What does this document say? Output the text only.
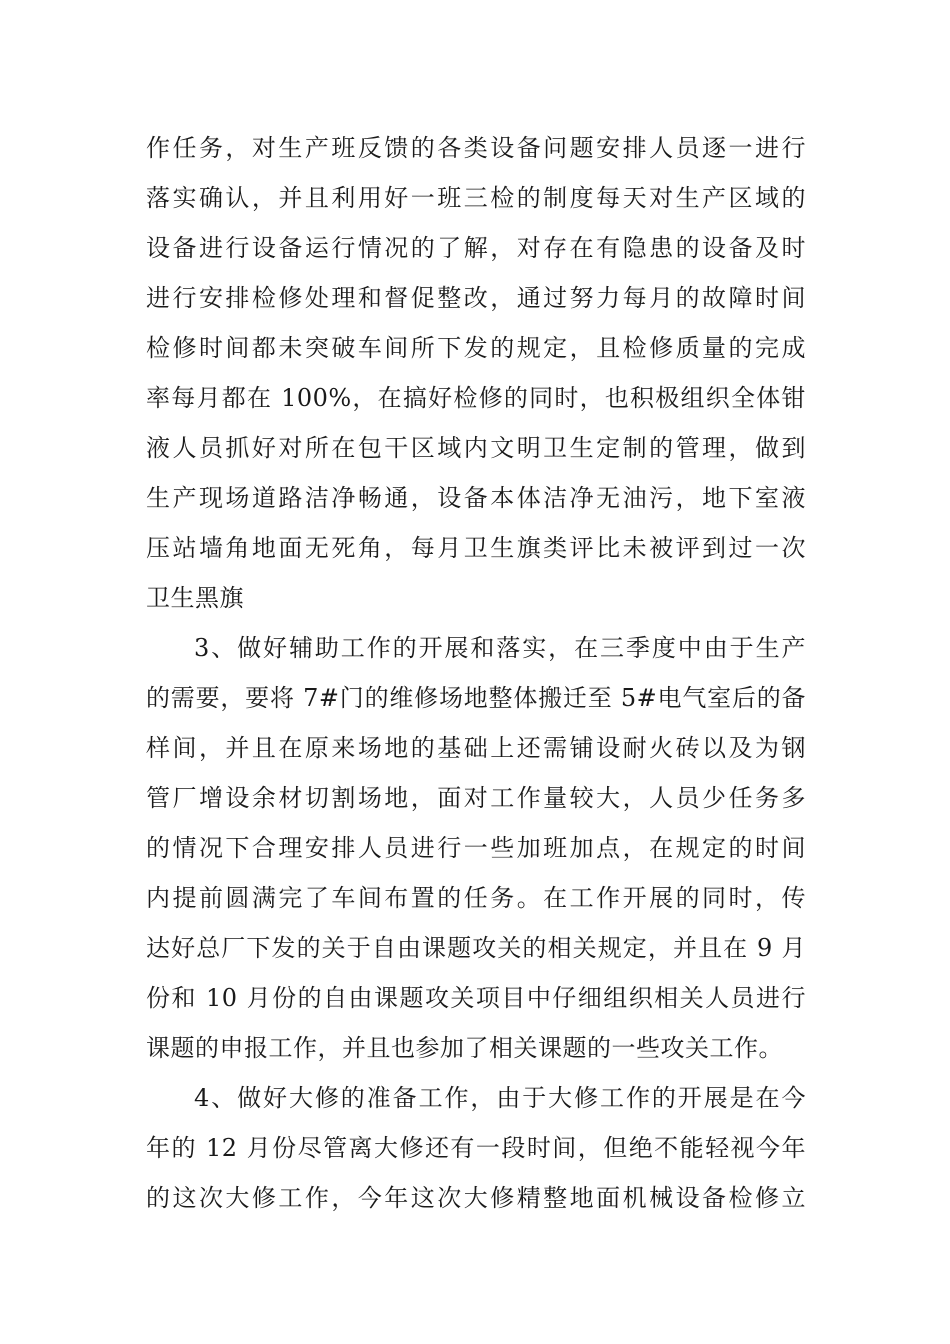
作任务，对生产班反馈的各类设备问题安排人员逐一进行
落实确认，并且利用好一班三检的制度每天对生产区域的
设备进行设备运行情况的了解，对存在有隐患的设备及时
进行安排检修处理和督促整改，通过努力每月的故障时间
检修时间都未突破车间所下发的规定，且检修质量的完成
率每月都在 100%，在搞好检修的同时，也积极组织全体钳
液人员抓好对所在包干区域内文明卫生定制的管理，做到
生产现场道路洁净畅通，设备本体洁净无油污，地下室液
压站墙角地面无死角，每月卫生旗类评比未被评到过一次
卫生黑旗
3、做好辅助工作的开展和落实，在三季度中由于生产
的需要，要将 7#门的维修场地整体搬迁至 5#电气室后的备
样间，并且在原来场地的基础上还需铺设耐火砖以及为钢
管厂增设余材切割场地，面对工作量较大，人员少任务多
的情况下合理安排人员进行一些加班加点，在规定的时间
内提前圆满完了车间布置的任务。在工作开展的同时，传
达好总厂下发的关于自由课题攻关的相关规定，并且在 9 月
份和 10 月份的自由课题攻关项目中仔细组织相关人员进行
课题的申报工作，并且也参加了相关课题的一些攻关工作。
4、做好大修的准备工作，由于大修工作的开展是在今
年的 12 月份尽管离大修还有一段时间，但绝不能轻视今年
的这次大修工作，今年这次大修精整地面机械设备检修立
